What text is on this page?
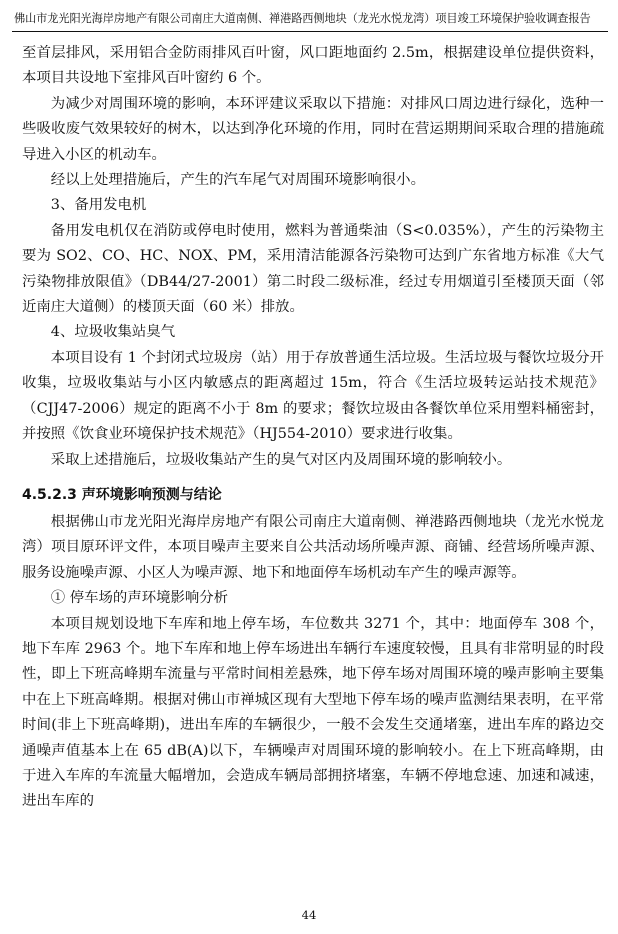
佛山市龙光阳光海岸房地产有限公司南庄大道南侧、禅港路西侧地块（龙光水悦龙湾）项目竣工环境保护验收调查报告

至首层排风，采用铝合金防雨排风百叶窗，风口距地面约 2.5m，根据建设单位提供资料，本项目共设地下室排风百叶窗约 6 个。

为减少对周围环境的影响，本环评建议采取以下措施：对排风口周边进行绿化，选种一些吸收废气效果较好的树木，以达到净化环境的作用，同时在营运期期间采取合理的措施疏导进入小区的机动车。

经以上处理措施后，产生的汽车尾气对周围环境影响很小。

3、备用发电机

备用发电机仅在消防或停电时使用，燃料为普通柴油（S<0.035%），产生的污染物主要为 SO2、CO、HC、NOX、PM，采用清洁能源各污染物可达到广东省地方标准《大气污染物排放限值》（DB44/27-2001）第二时段二级标准，经过专用烟道引至楼顶天面（邻近南庄大道侧）的楼顶天面（60 米）排放。

4、垃圾收集站臭气

本项目设有 1 个封闭式垃圾房（站）用于存放普通生活垃圾。生活垃圾与餐饮垃圾分开收集，垃圾收集站与小区内敏感点的距离超过 15m，符合《生活垃圾转运站技术规范》（CJJ47-2006）规定的距离不小于 8m 的要求；餐饮垃圾由各餐饮单位采用塑料桶密封，并按照《饮食业环境保护技术规范》（HJ554-2010）要求进行收集。

采取上述措施后，垃圾收集站产生的臭气对区内及周围环境的影响较小。

4.5.2.3 声环境影响预测与结论

根据佛山市龙光阳光海岸房地产有限公司南庄大道南侧、禅港路西侧地块（龙光水悦龙湾）项目原环评文件，本项目噪声主要来自公共活动场所噪声源、商铺、经营场所噪声源、服务设施噪声源、小区人为噪声源、地下和地面停车场机动车产生的噪声源等。

① 停车场的声环境影响分析

本项目规划设地下车库和地上停车场，车位数共 3271 个，其中：地面停车 308 个，地下车库 2963 个。地下车库和地上停车场进出车辆行车速度较慢，且具有非常明显的时段性，即上下班高峰期车流量与平常时间相差悬殊，地下停车场对周围环境的噪声影响主要集中在上下班高峰期。根据对佛山市禅城区现有大型地下停车场的噪声监测结果表明，在平常时间(非上下班高峰期)，进出车库的车辆很少，一般不会发生交通堵塞，进出车库的路边交通噪声值基本上在 65 dB(A)以下，车辆噪声对周围环境的影响较小。在上下班高峰期，由于进入车库的车流量大幅增加，会造成车辆局部拥挤堵塞，车辆不停地怠速、加速和减速，进出车库的

44
